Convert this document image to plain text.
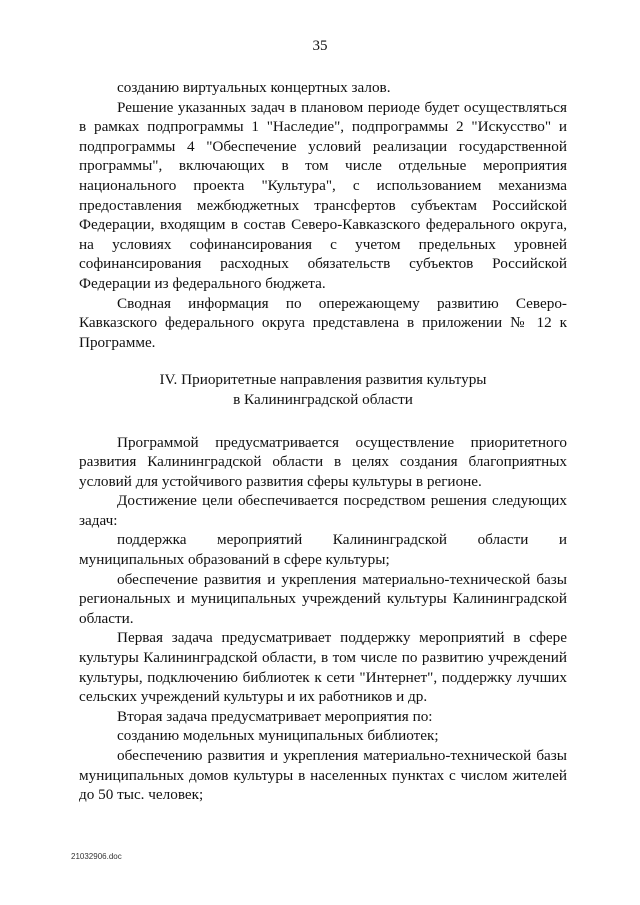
35

созданию виртуальных концертных залов.

Решение указанных задач в плановом периоде будет осуществляться в рамках подпрограммы 1 "Наследие", подпрограммы 2 "Искусство" и подпрограммы 4 "Обеспечение условий реализации государственной программы", включающих в том числе отдельные мероприятия национального проекта "Культура", с использованием механизма предоставления межбюджетных трансфертов субъектам Российской Федерации, входящим в состав Северо-Кавказского федерального округа, на условиях софинансирования с учетом предельных уровней софинансирования расходных обязательств субъектов Российской Федерации из федерального бюджета.

Сводная информация по опережающему развитию Северо-Кавказского федерального округа представлена в приложении № 12 к Программе.

IV. Приоритетные направления развития культуры
в Калининградской области

Программой предусматривается осуществление приоритетного развития Калининградской области в целях создания благоприятных условий для устойчивого развития сферы культуры в регионе.

Достижение цели обеспечивается посредством решения следующих задач:

поддержка мероприятий Калининградской области и муниципальных образований в сфере культуры;

обеспечение развития и укрепления материально-технической базы региональных и муниципальных учреждений культуры Калининградской области.

Первая задача предусматривает поддержку мероприятий в сфере культуры Калининградской области, в том числе по развитию учреждений культуры, подключению библиотек к сети "Интернет", поддержку лучших сельских учреждений культуры и их работников и др.

Вторая задача предусматривает мероприятия по:

созданию модельных муниципальных библиотек;

обеспечению развития и укрепления материально-технической базы муниципальных домов культуры в населенных пунктах с числом жителей до 50 тыс. человек;

21032906.doc
